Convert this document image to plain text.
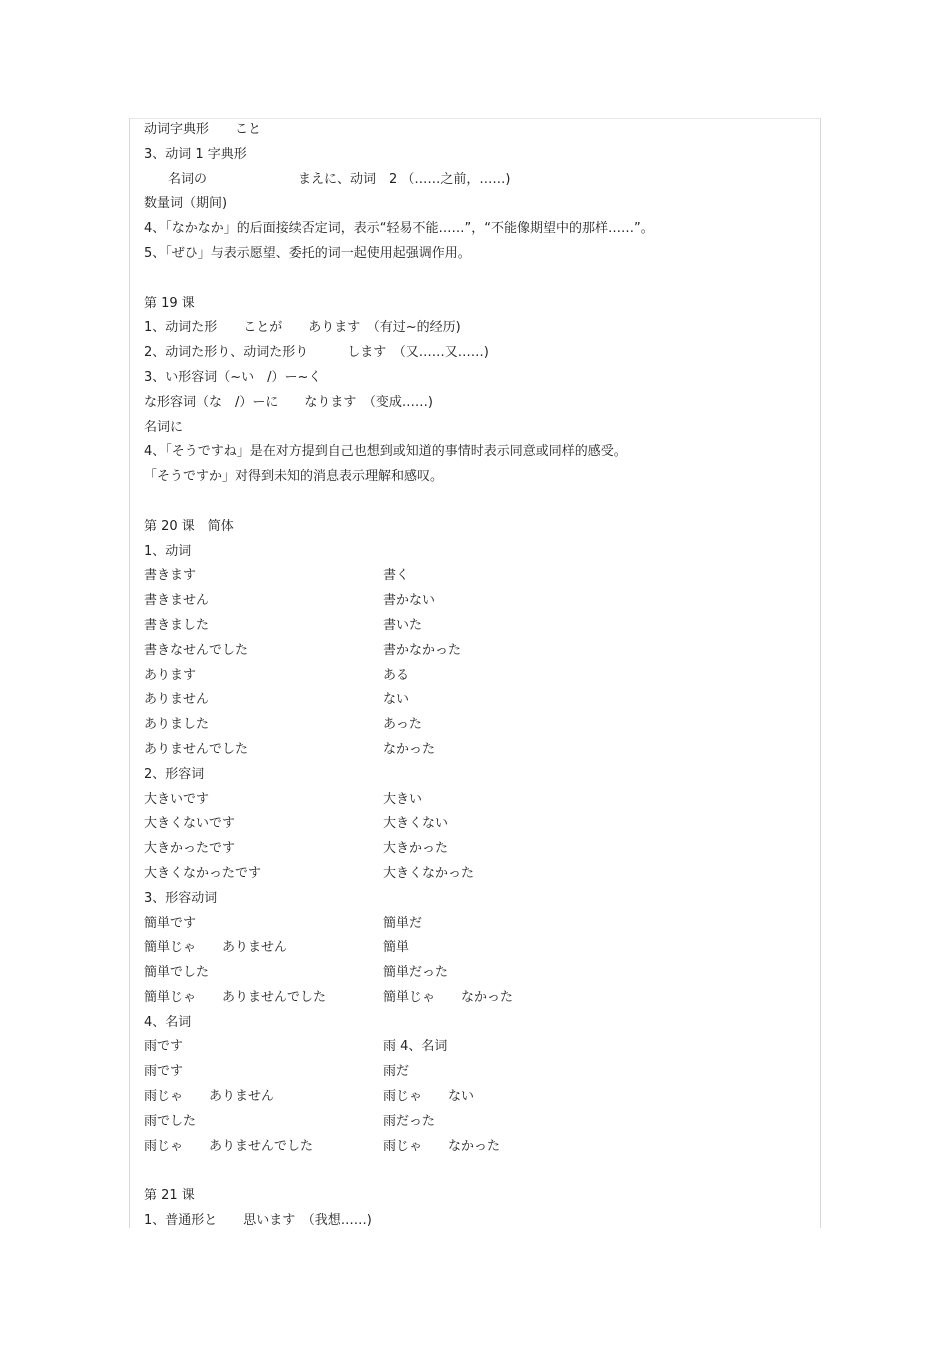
动词字典形　　こと
3、动词 1 字典形
名词の　　　　　　　まえに、动词　2 （……之前，……)
数量词（期间)
4、「なかなか」的后面接续否定词，表示“轻易不能……”，“不能像期望中的那样……”。
5、「ぜひ」与表示愿望、委托的词一起使用起强调作用。
第 19 课
1、动词た形　　ことが　　あります　（有过~的经历)
2、动词た形り、动词た形り　　　します　（又……又……)
3、い形容词（~い　/）ー~く
な形容词（な　/）ーに　　なります　（变成……)
名词に
4、「そうですね」是在对方提到自己也想到或知道的事情时表示同意或同样的感受。
「そうですか」对得到未知的消息表示理解和感叹。
第 20 课　简体
1、动词
書きます	書く
書きません	書かない
書きました	書いた
書きなせんでした	書かなかった
あります	ある
ありません	ない
ありました	あった
ありませんでした	なかった
2、形容词
大きいです	大きい
大きくないです	大きくない
大きかったです	大きかった
大きくなかったです	大きくなかった
3、形容动词
簡単です	簡単だ
簡単じゃ　　ありません	簡単
簡単でした	簡単だった
簡単じゃ　　ありませんでした	簡単じゃ　　なかった
4、名词
雨です	雨 4、名词
雨です	雨だ
雨じゃ　　ありません	雨じゃ　　ない
雨でした	雨だった
雨じゃ　　ありませんでした	雨じゃ　　なかった
第 21 课
1、普通形と　　思います　（我想……)
